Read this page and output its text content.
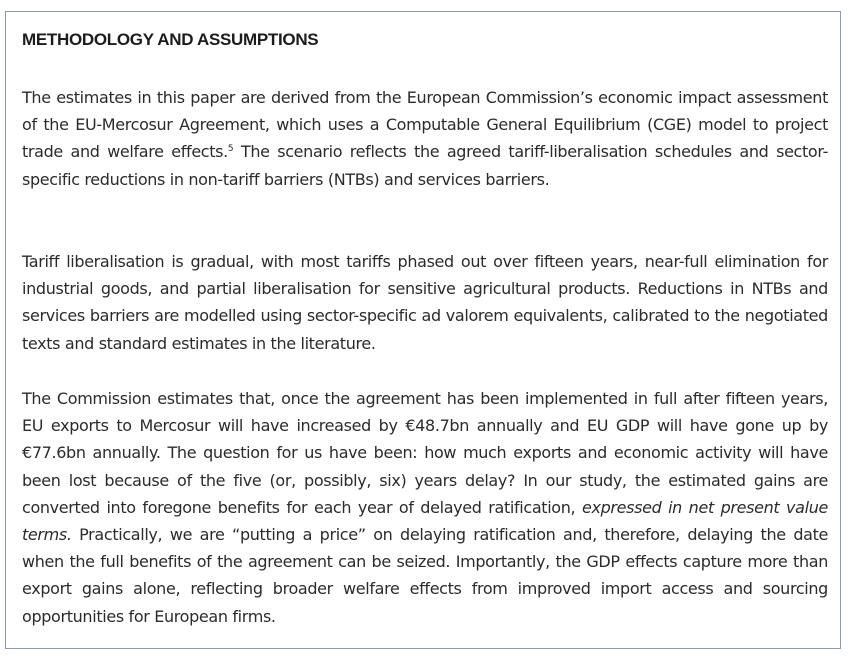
METHODOLOGY AND ASSUMPTIONS

The estimates in this paper are derived from the European Commission’s economic impact assessment of the EU-Mercosur Agreement, which uses a Computable General Equilibrium (CGE) model to project trade and welfare effects.$^5$ The scenario reflects the agreed tariff-liberalisation schedules and sector-specific reductions in non-tariff barriers (NTBs) and services barriers.

Tariff liberalisation is gradual, with most tariffs phased out over fifteen years, near-full elimination for industrial goods, and partial liberalisation for sensitive agricultural products. Reductions in NTBs and services barriers are modelled using sector-specific ad valorem equivalents, calibrated to the negotiated texts and standard estimates in the literature.

The Commission estimates that, once the agreement has been implemented in full after fifteen years, EU exports to Mercosur will have increased by €48.7bn annually and EU GDP will have gone up by €77.6bn annually. The question for us have been: how much exports and economic activity will have been lost because of the five (or, possibly, six) years delay? In our study, the estimated gains are converted into foregone benefits for each year of delayed ratification, expressed in net present value terms. Practically, we are “putting a price” on delaying ratification and, therefore, delaying the date when the full benefits of the agreement can be seized. Importantly, the GDP effects capture more than export gains alone, reflecting broader welfare effects from improved import access and sourcing opportunities for European firms.
